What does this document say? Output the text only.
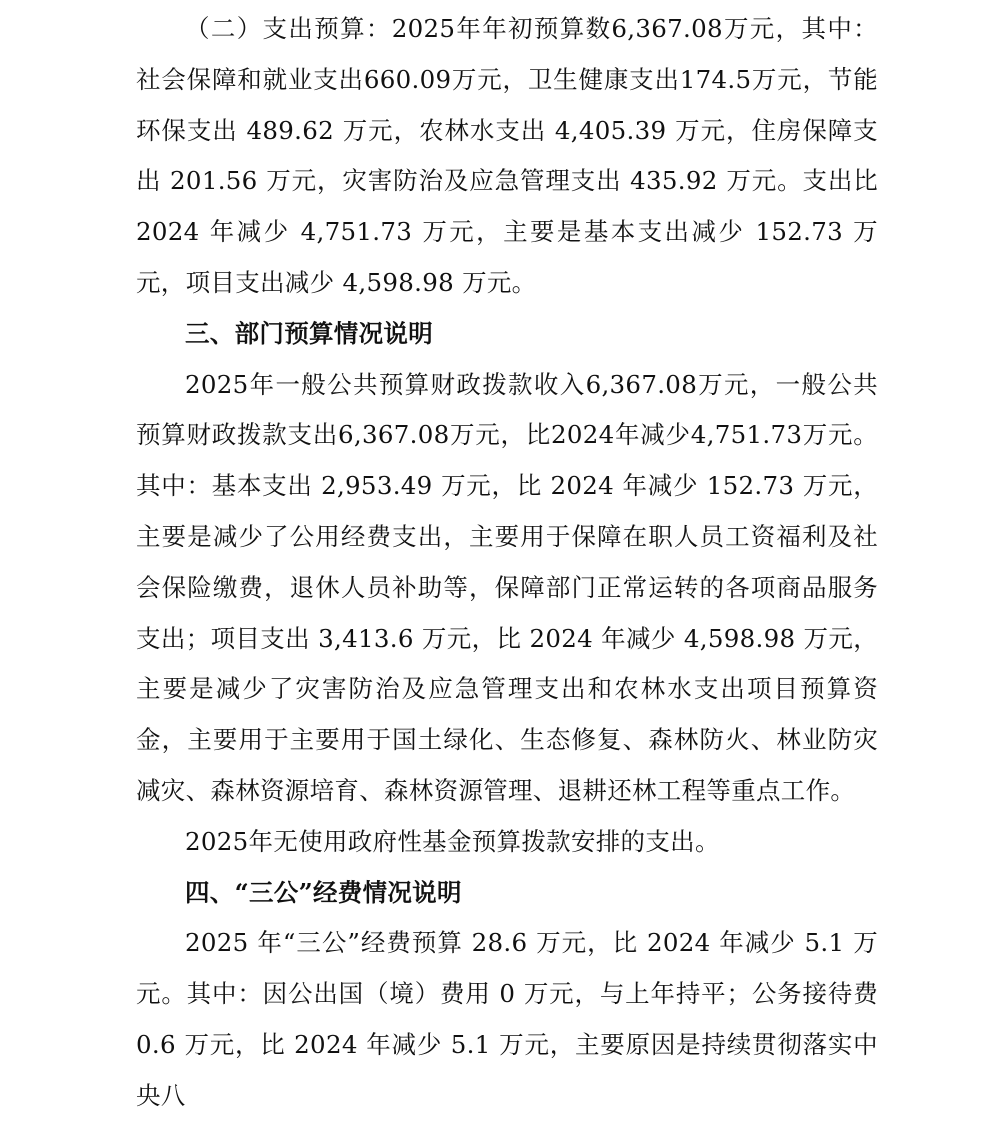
（二）支出预算：2025年年初预算数6,367.08万元，其中：社会保障和就业支出660.09万元，卫生健康支出174.5万元，节能环保支出 489.62 万元，农林水支出 4,405.39 万元，住房保障支出 201.56 万元，灾害防治及应急管理支出 435.92 万元。支出比 2024 年减少 4,751.73 万元，主要是基本支出减少 152.73 万元，项目支出减少 4,598.98 万元。

三、部门预算情况说明

2025年一般公共预算财政拨款收入6,367.08万元，一般公共预算财政拨款支出6,367.08万元，比2024年减少4,751.73万元。其中：基本支出 2,953.49 万元，比 2024 年减少 152.73 万元，主要是减少了公用经费支出，主要用于保障在职人员工资福利及社会保险缴费，退休人员补助等，保障部门正常运转的各项商品服务支出；项目支出 3,413.6 万元，比 2024 年减少 4,598.98 万元，主要是减少了灾害防治及应急管理支出和农林水支出项目预算资金，主要用于主要用于国土绿化、生态修复、森林防火、林业防灾减灾、森林资源培育、森林资源管理、退耕还林工程等重点工作。

2025年无使用政府性基金预算拨款安排的支出。

四、“三公”经费情况说明

2025 年“三公”经费预算 28.6 万元，比 2024 年减少 5.1 万元。其中：因公出国（境）费用 0 万元，与上年持平；公务接待费 0.6 万元，比 2024 年减少 5.1 万元，主要原因是持续贯彻落实中央八
